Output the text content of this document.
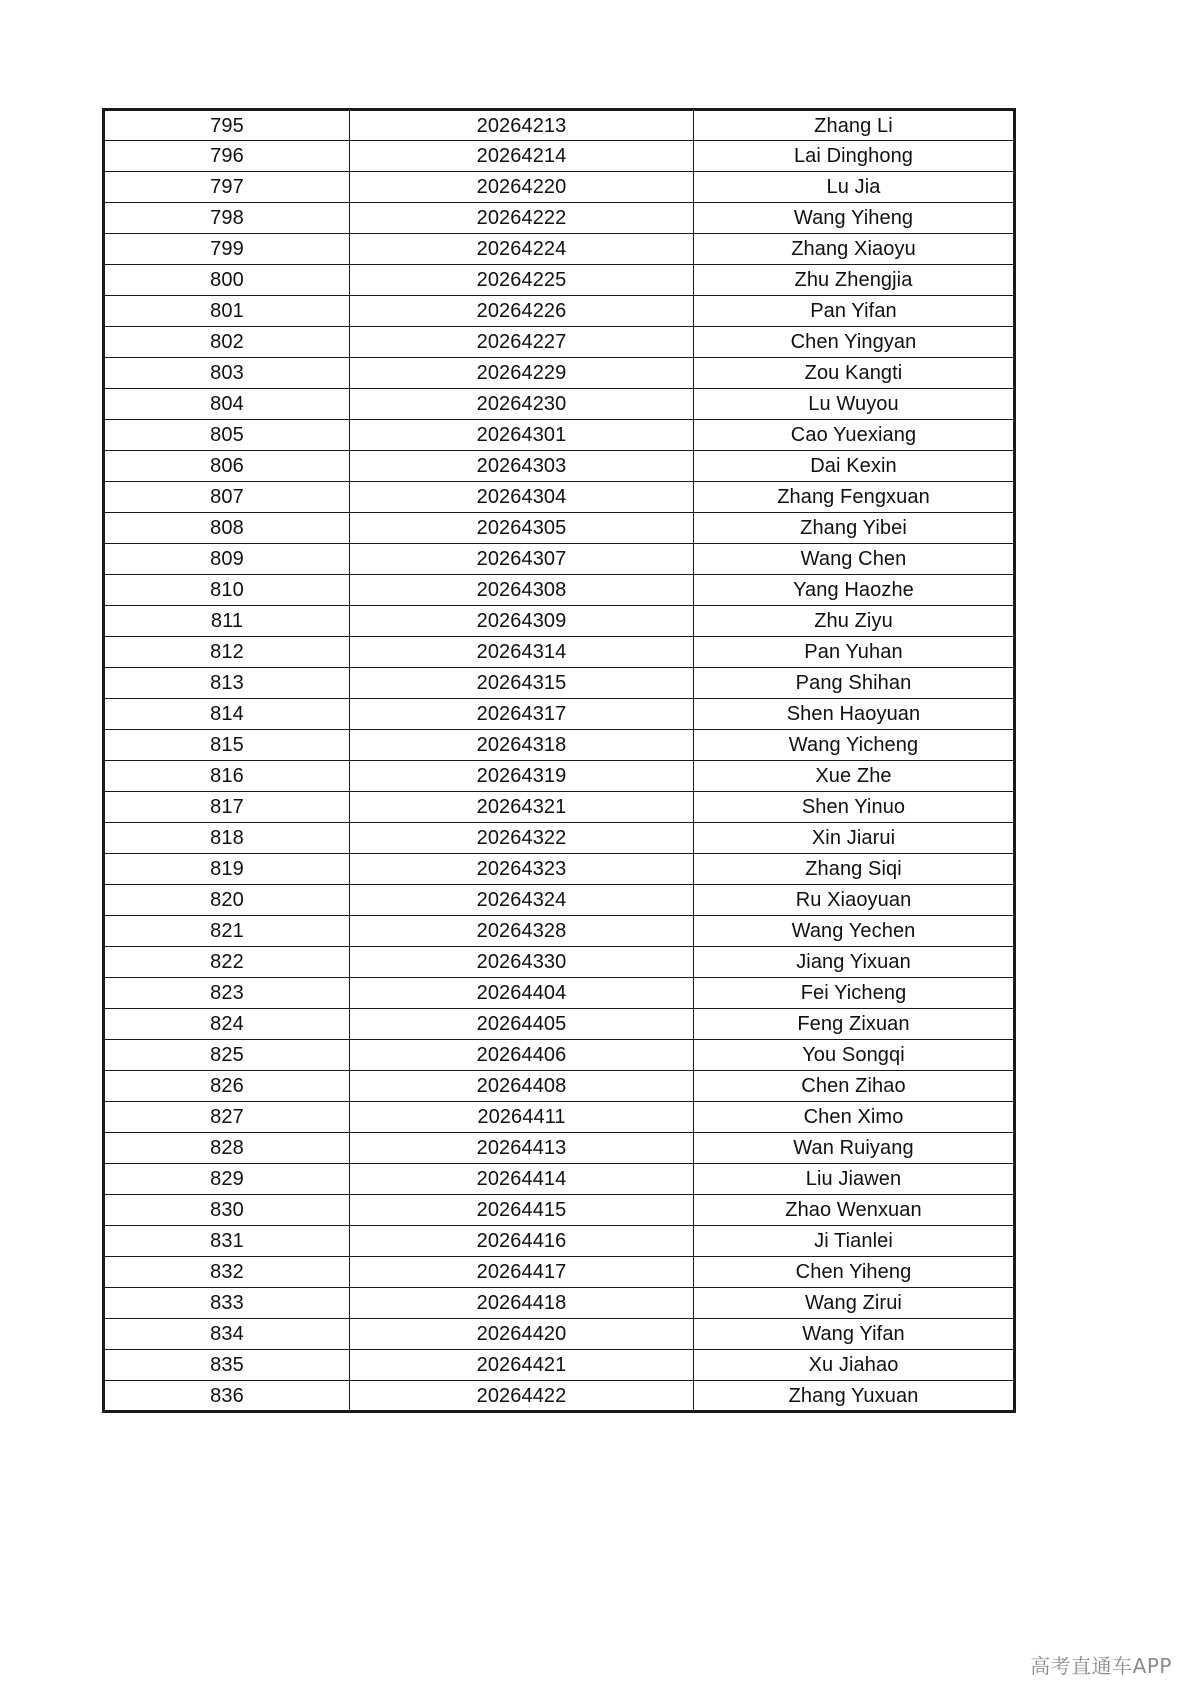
795	20264213	Zhang Li
796	20264214	Lai Dinghong
797	20264220	Lu Jia
798	20264222	Wang Yiheng
799	20264224	Zhang Xiaoyu
800	20264225	Zhu Zhengjia
801	20264226	Pan Yifan
802	20264227	Chen Yingyan
803	20264229	Zou Kangti
804	20264230	Lu Wuyou
805	20264301	Cao Yuexiang
806	20264303	Dai Kexin
807	20264304	Zhang Fengxuan
808	20264305	Zhang Yibei
809	20264307	Wang Chen
810	20264308	Yang Haozhe
811	20264309	Zhu Ziyu
812	20264314	Pan Yuhan
813	20264315	Pang Shihan
814	20264317	Shen Haoyuan
815	20264318	Wang Yicheng
816	20264319	Xue Zhe
817	20264321	Shen Yinuo
818	20264322	Xin Jiarui
819	20264323	Zhang Siqi
820	20264324	Ru Xiaoyuan
821	20264328	Wang Yechen
822	20264330	Jiang Yixuan
823	20264404	Fei Yicheng
824	20264405	Feng Zixuan
825	20264406	You Songqi
826	20264408	Chen Zihao
827	20264411	Chen Ximo
828	20264413	Wan Ruiyang
829	20264414	Liu Jiawen
830	20264415	Zhao Wenxuan
831	20264416	Ji Tianlei
832	20264417	Chen Yiheng
833	20264418	Wang Zirui
834	20264420	Wang Yifan
835	20264421	Xu Jiahao
836	20264422	Zhang Yuxuan
高考直通车APP
